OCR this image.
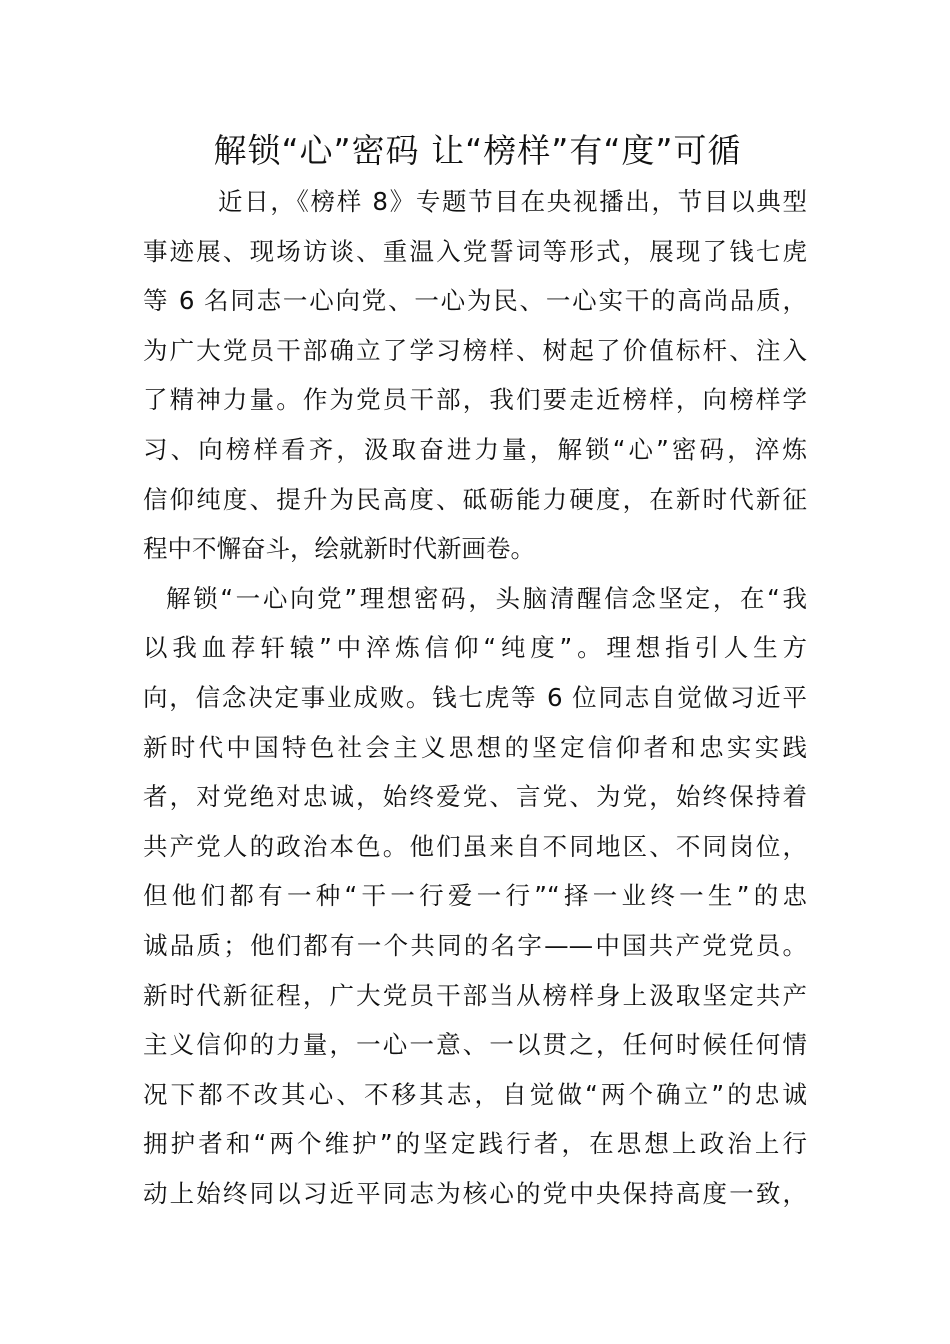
解锁“心”密码 让“榜样”有“度”可循
近日，《榜样 8》专题节目在央视播出，节目以典型
事迹展、现场访谈、重温入党誓词等形式，展现了钱七虎
等 6 名同志一心向党、一心为民、一心实干的高尚品质，
为广大党员干部确立了学习榜样、树起了价值标杆、注入
了精神力量。作为党员干部，我们要走近榜样，向榜样学
习、向榜样看齐，汲取奋进力量，解锁“心”密码，淬炼
信仰纯度、提升为民高度、砥砺能力硬度，在新时代新征
程中不懈奋斗，绘就新时代新画卷。
解锁“一心向党”理想密码，头脑清醒信念坚定，在“我
以我血荐轩辕”中淬炼信仰“纯度”。理想指引人生方
向，信念决定事业成败。钱七虎等 6 位同志自觉做习近平
新时代中国特色社会主义思想的坚定信仰者和忠实实践
者，对党绝对忠诚，始终爱党、言党、为党，始终保持着
共产党人的政治本色。他们虽来自不同地区、不同岗位，
但他们都有一种“干一行爱一行”“择一业终一生”的忠
诚品质；他们都有一个共同的名字——中国共产党党员。
新时代新征程，广大党员干部当从榜样身上汲取坚定共产
主义信仰的力量，一心一意、一以贯之，任何时候任何情
况下都不改其心、不移其志，自觉做“两个确立”的忠诚
拥护者和“两个维护”的坚定践行者，在思想上政治上行
动上始终同以习近平同志为核心的党中央保持高度一致，
